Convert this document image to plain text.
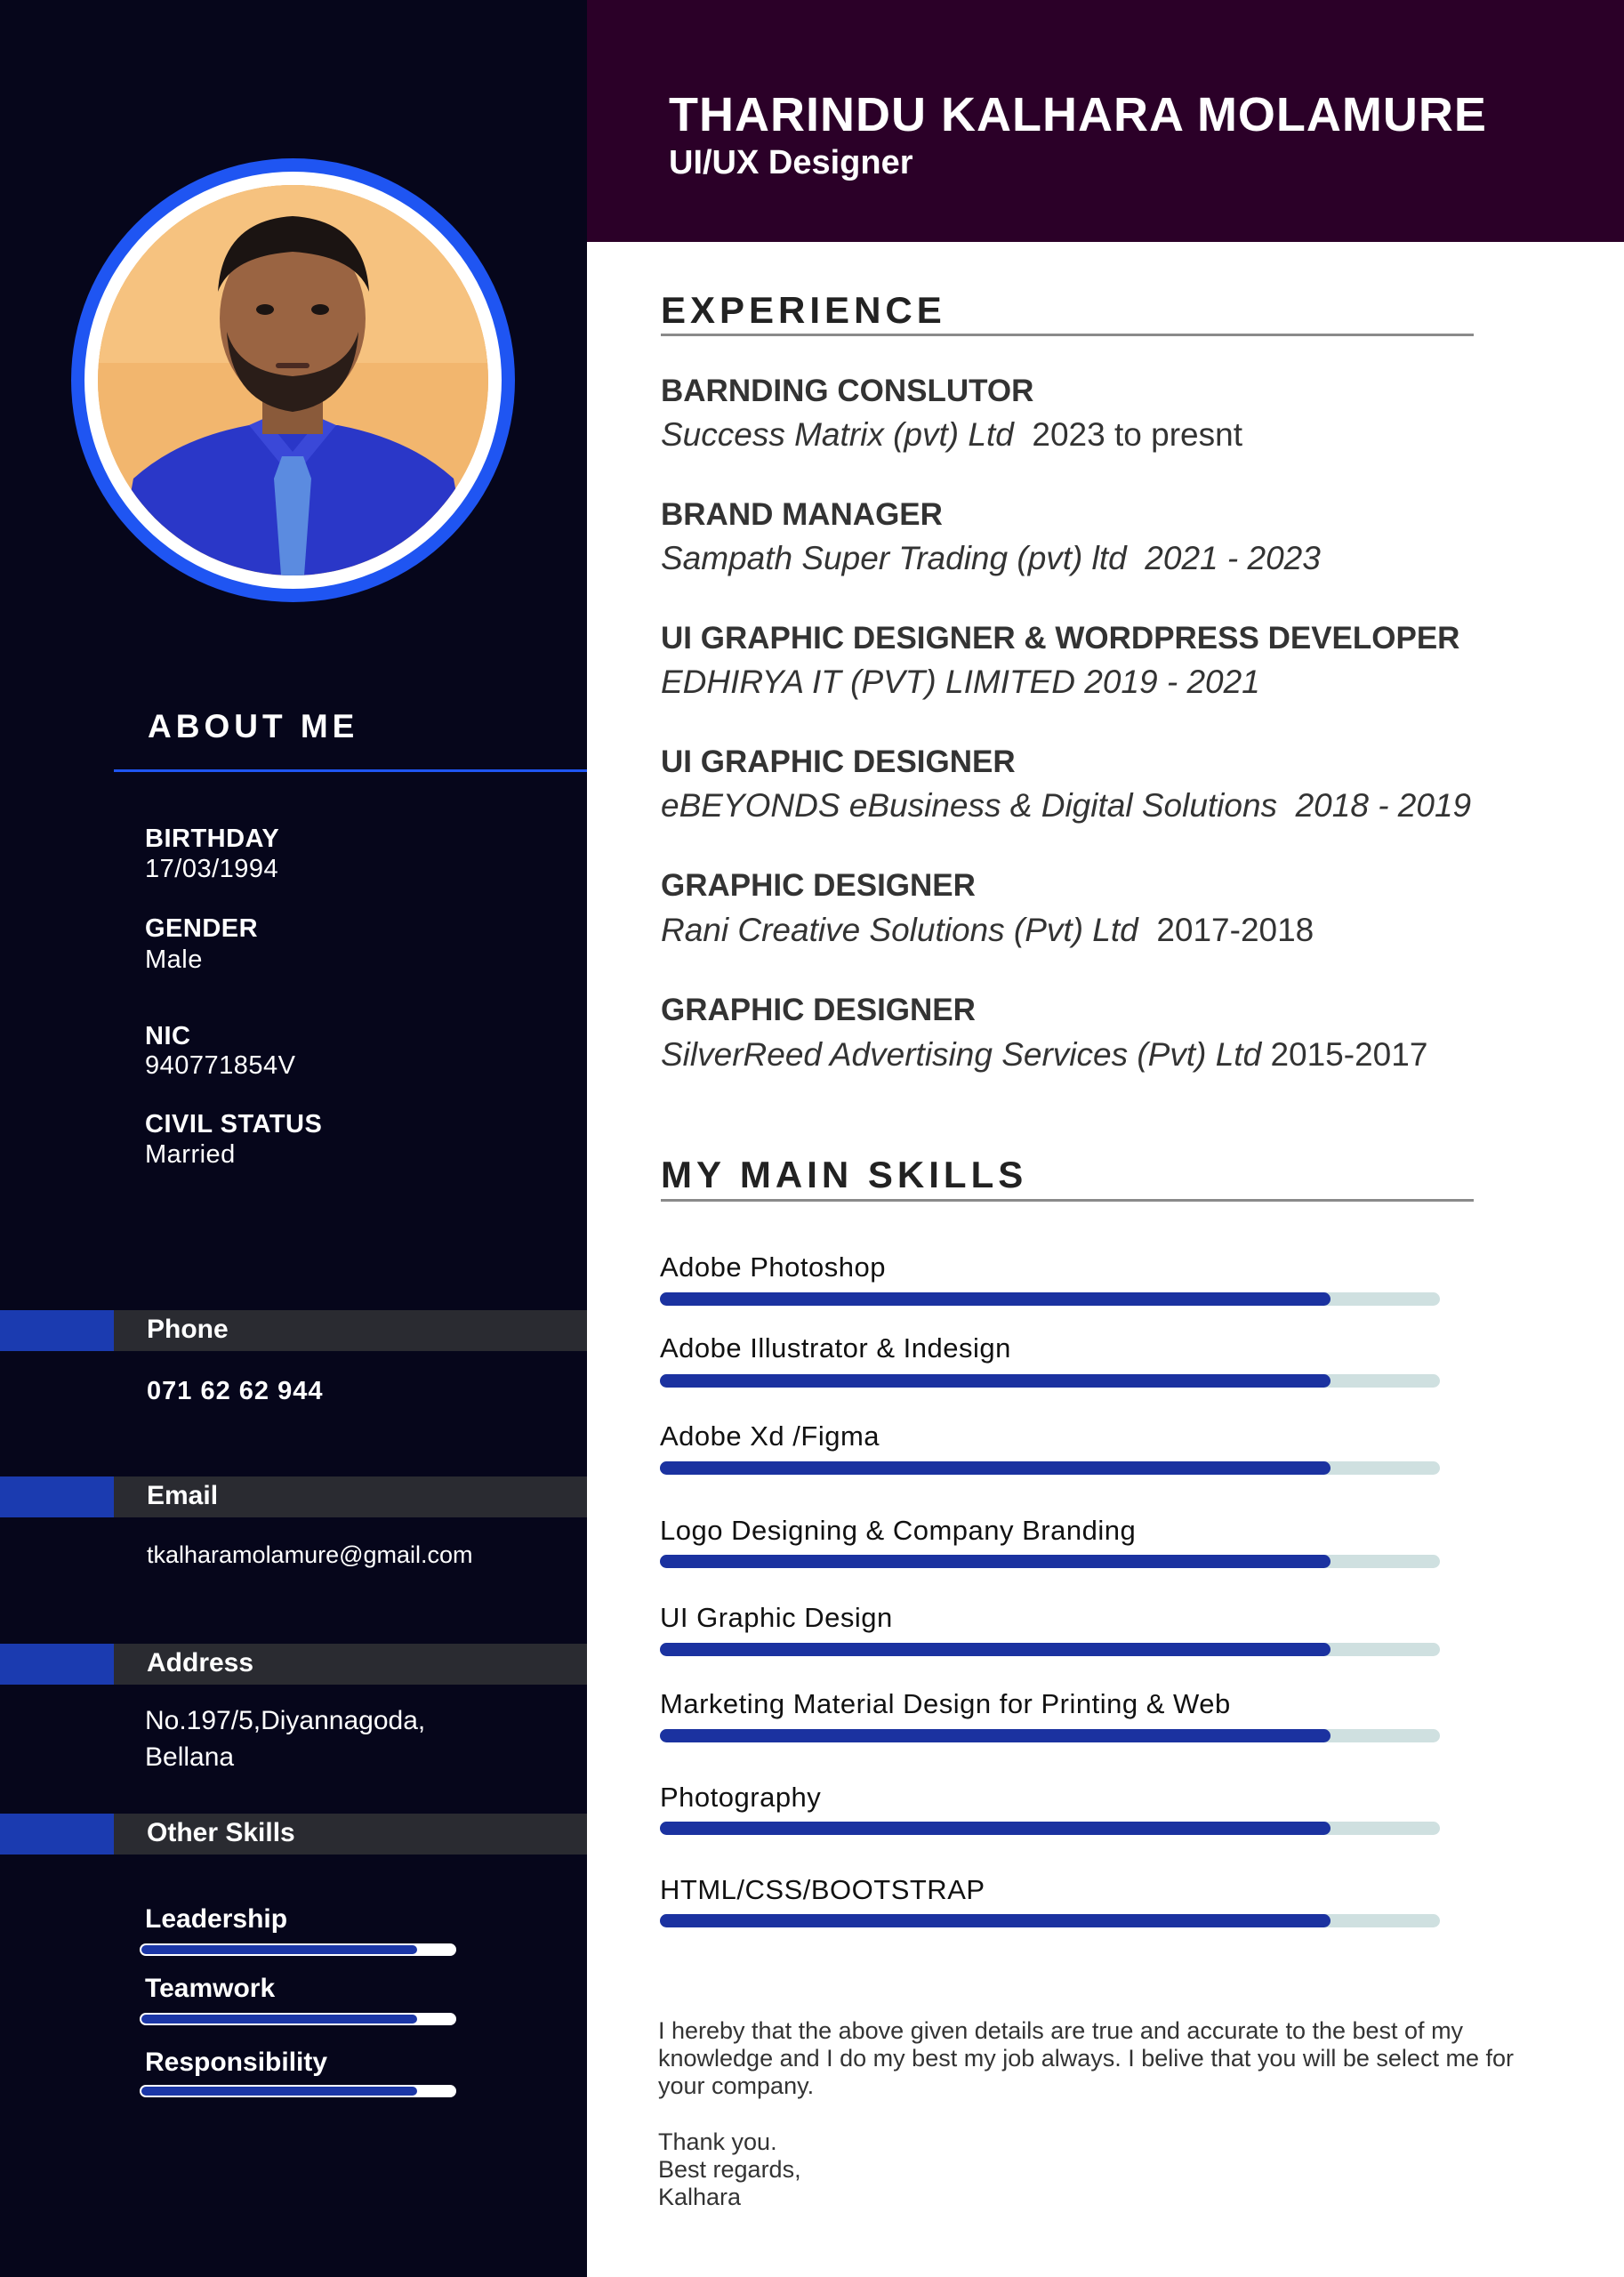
ABOUT ME
BIRTHDAY
17/03/1994
GENDER
Male
NIC
940771854V
CIVIL STATUS
Married
Phone
071 62 62 944
Email
tkalharamolamure@gmail.com
Address
No.197/5,Diyannagoda,
Bellana
Other Skills
Leadership
Teamwork
Responsibility
THARINDU KALHARA MOLAMURE
UI/UX Designer
EXPERIENCE
BARNDING CONSLUTOR
Success Matrix (pvt) Ltd 2023 to presnt
BRAND MANAGER
Sampath Super Trading (pvt) ltd 2021 - 2023
UI GRAPHIC DESIGNER & WORDPRESS DEVELOPER
EDHIRYA IT (PVT) LIMITED 2019 - 2021
UI GRAPHIC DESIGNER
eBEYONDS eBusiness & Digital Solutions 2018 - 2019
GRAPHIC DESIGNER
Rani Creative Solutions (Pvt) Ltd 2017-2018
GRAPHIC DESIGNER
SilverReed Advertising Services (Pvt) Ltd 2015-2017
MY MAIN SKILLS
Adobe Photoshop
Adobe Illustrator & Indesign
Adobe Xd /Figma
Logo Designing & Company Branding
UI Graphic Design
Marketing Material Design for Printing & Web
Photography
HTML/CSS/BOOTSTRAP
I hereby that the above given details are true and accurate to the best of my knowledge and I do my best my job always. I belive that you will be select me for your company.
Thank you.
Best regards,
Kalhara
